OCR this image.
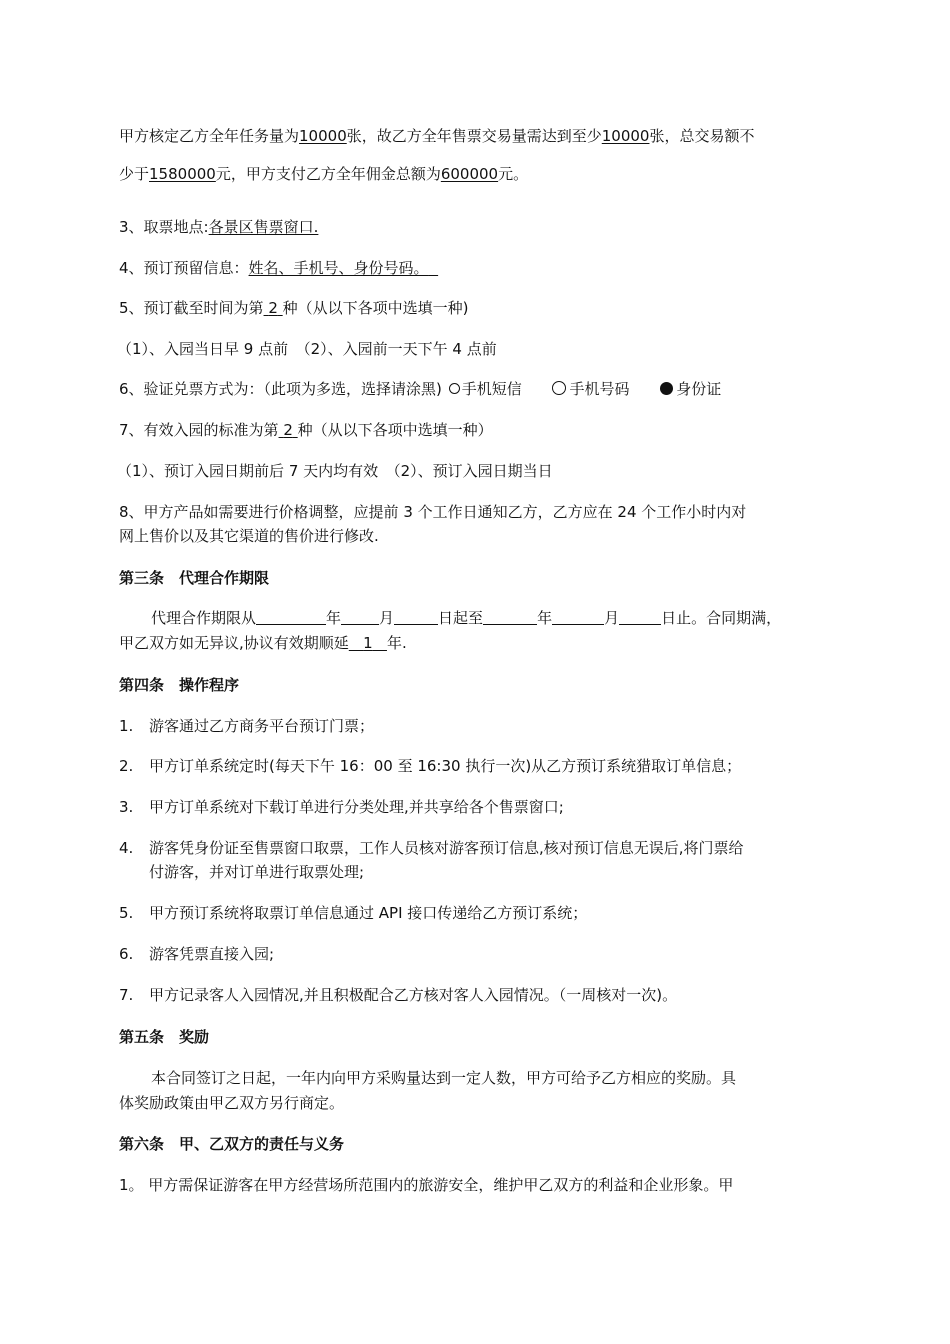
甲方核定乙方全年任务量为10000张，故乙方全年售票交易量需达到至少10000张，总交易额不
少于1580000元，甲方支付乙方全年佣金总额为600000元。
3、取票地点:各景区售票窗口.
4、预订预留信息：姓名、手机号、身份号码。
5、预订截至时间为第 2 种（从以下各项中选填一种)
（1）、入园当日早 9 点前　（2）、入园前一天下午 4 点前
6、验证兑票方式为：（此项为多选，选择请涂黑) 手机短信	手机号码	身份证
7、有效入园的标准为第 2 种（从以下各项中选填一种）
（1）、预订入园日期前后 7 天内均有效　（2）、预订入园日期当日
8、甲方产品如需要进行价格调整，应提前 3 个工作日通知乙方，乙方应在 24 个工作小时内对
网上售价以及其它渠道的售价进行修改.
第三条　代理合作期限
代理合作期限从	年	月	日起至	年	月	日止。合同期满，
甲乙双方如无异议,协议有效期顺延 1 年.
第四条　操作程序
1. 游客通过乙方商务平台预订门票；
2. 甲方订单系统定时(每天下午 16：00 至 16:30 执行一次)从乙方预订系统猎取订单信息；
3. 甲方订单系统对下载订单进行分类处理,并共享给各个售票窗口;
4. 游客凭身份证至售票窗口取票，工作人员核对游客预订信息,核对预订信息无误后,将门票给
付游客，并对订单进行取票处理;
5. 甲方预订系统将取票订单信息通过 API 接口传递给乙方预订系统；
6. 游客凭票直接入园;
7. 甲方记录客人入园情况,并且积极配合乙方核对客人入园情况。（一周核对一次)。
第五条　奖励
本合同签订之日起，一年内向甲方采购量达到一定人数，甲方可给予乙方相应的奖励。具
体奖励政策由甲乙双方另行商定。
第六条　甲、乙双方的责任与义务
1。 甲方需保证游客在甲方经营场所范围内的旅游安全，维护甲乙双方的利益和企业形象。甲
